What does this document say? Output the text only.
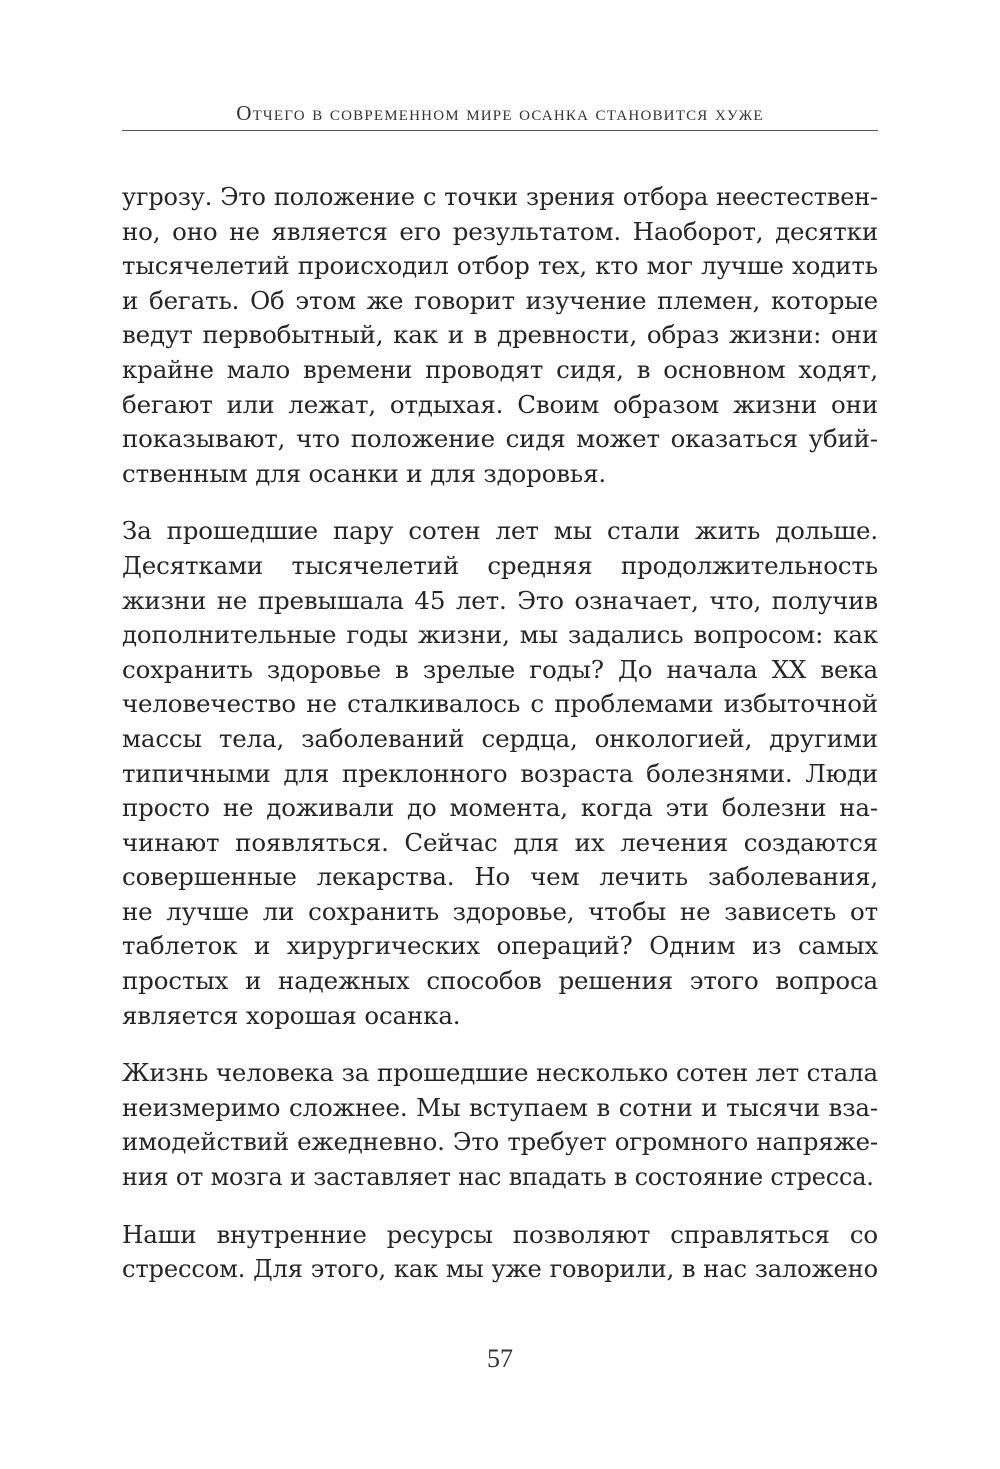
Отчего в современном мире осанка становится хуже

угрозу. Это положение с точки зрения отбора неестествен-
но, оно не является его результатом. Наоборот, десятки
тысячелетий происходил отбор тех, кто мог лучше ходить
и бегать. Об этом же говорит изучение племен, которые
ведут первобытный, как и в древности, образ жизни: они
крайне мало времени проводят сидя, в основном ходят,
бегают или лежат, отдыхая. Своим образом жизни они
показывают, что положение сидя может оказаться убий-
ственным для осанки и для здоровья.

За прошедшие пару сотен лет мы стали жить дольше.
Десятками тысячелетий средняя продолжительность
жизни не превышала 45 лет. Это означает, что, получив
дополнительные годы жизни, мы задались вопросом: как
сохранить здоровье в зрелые годы? До начала XX века
человечество не сталкивалось с проблемами избыточной
массы тела, заболеваний сердца, онкологией, другими
типичными для преклонного возраста болезнями. Люди
просто не доживали до момента, когда эти болезни на-
чинают появляться. Сейчас для их лечения создаются
совершенные лекарства. Но чем лечить заболевания,
не лучше ли сохранить здоровье, чтобы не зависеть от
таблеток и хирургических операций? Одним из самых
простых и надежных способов решения этого вопроса
является хорошая осанка.

Жизнь человека за прошедшие несколько сотен лет стала
неизмеримо сложнее. Мы вступаем в сотни и тысячи вза-
имодействий ежедневно. Это требует огромного напряже-
ния от мозга и заставляет нас впадать в состояние стресса.

Наши внутренние ресурсы позволяют справляться со
стрессом. Для этого, как мы уже говорили, в нас заложено

57
